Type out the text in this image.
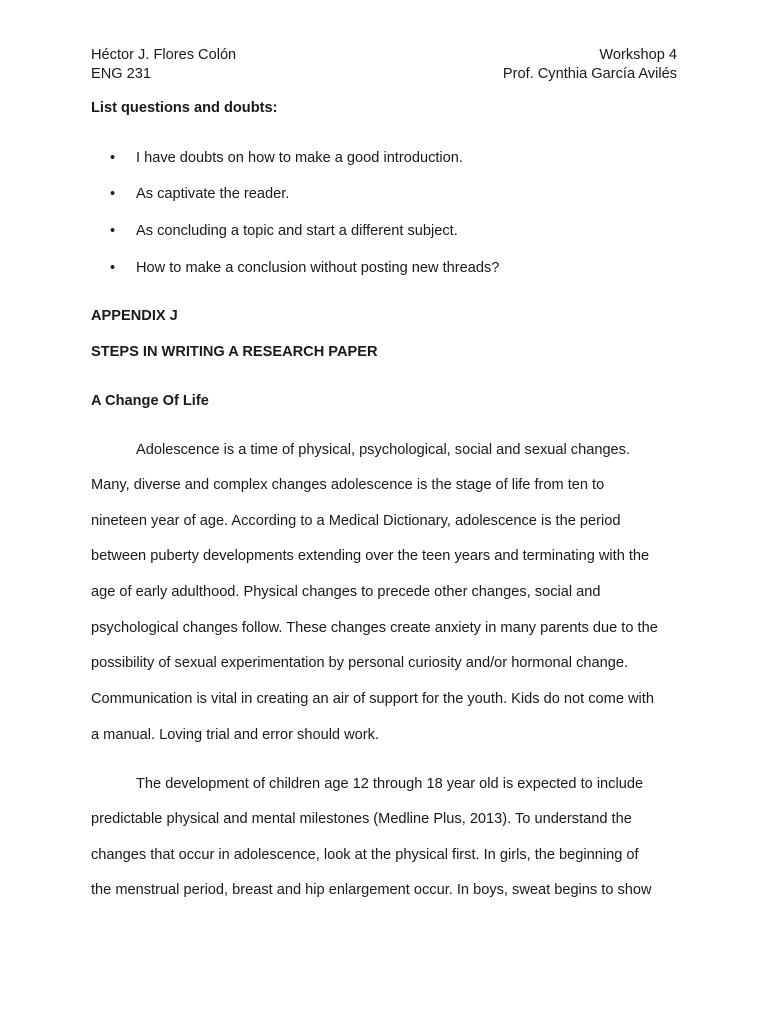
Héctor J. Flores Colón	Workshop 4
ENG 231	Prof. Cynthia García Avilés
List questions and doubts:
• I have doubts on how to make a good introduction.
• As captivate the reader.
• As concluding a topic and start a different subject.
• How to make a conclusion without posting new threads?
APPENDIX J
STEPS IN WRITING A RESEARCH PAPER
A Change Of Life
Adolescence is a time of physical, psychological, social and sexual changes.
Many, diverse and complex changes adolescence is the stage of life from ten to
nineteen year of age. According to a Medical Dictionary, adolescence is the period
between puberty developments extending over the teen years and terminating with the
age of early adulthood. Physical changes to precede other changes, social and
psychological changes follow. These changes create anxiety in many parents due to the
possibility of sexual experimentation by personal curiosity and/or hormonal change.
Communication is vital in creating an air of support for the youth. Kids do not come with
a manual. Loving trial and error should work.
The development of children age 12 through 18 year old is expected to include
predictable physical and mental milestones (Medline Plus, 2013). To understand the
changes that occur in adolescence, look at the physical first. In girls, the beginning of
the menstrual period, breast and hip enlargement occur. In boys, sweat begins to show
